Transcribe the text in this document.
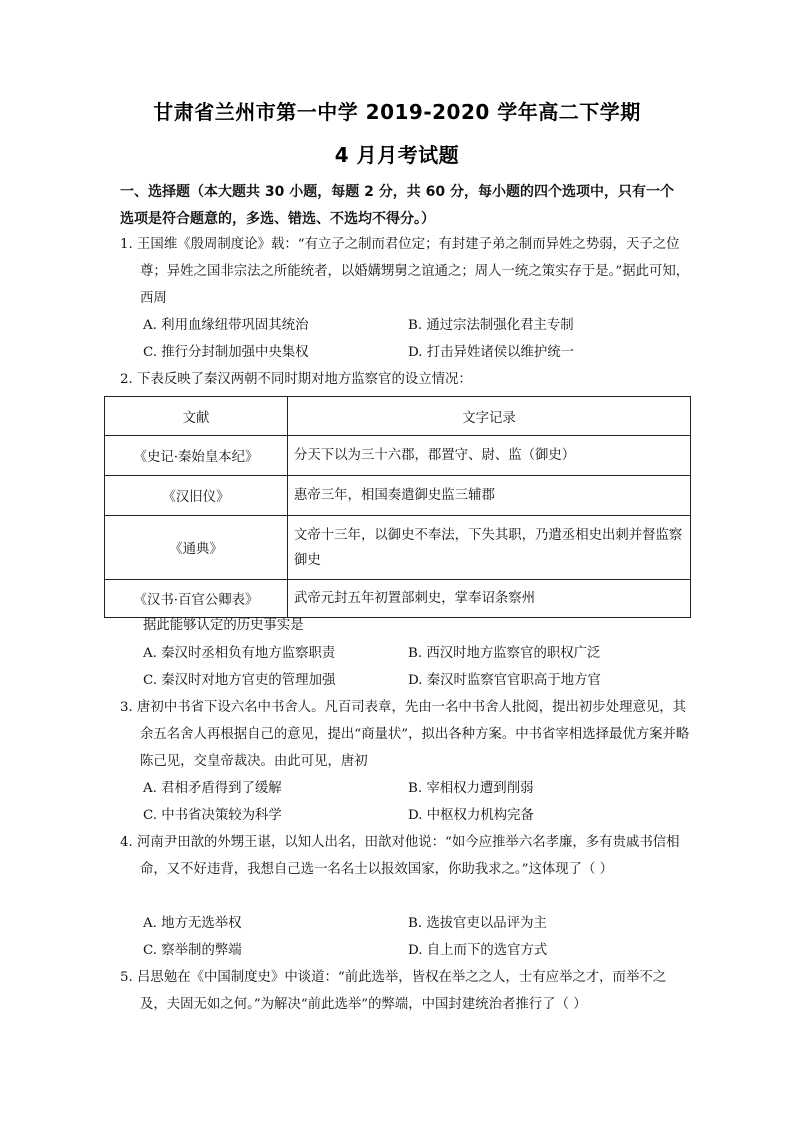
甘肃省兰州市第一中学 2019-2020 学年高二下学期
4 月月考试题
一、选择题（本大题共 30 小题，每题 2 分，共 60 分，每小题的四个选项中，只有一个选项是符合题意的，多选、错选、不选均不得分。）
1. 王国维《殷周制度论》载：“有立子之制而君位定；有封建子弟之制而异姓之势弱，天子之位尊；异姓之国非宗法之所能统者，以婚媾甥舅之谊通之；周人一统之策实存于是。”据此可知，西周
A. 利用血缘纽带巩固其统治	B. 通过宗法制强化君主专制
C. 推行分封制加强中央集权	D. 打击异姓诸侯以维护统一
2. 下表反映了秦汉两朝不同时期对地方监察官的设立情况：
文献	文字记录
《史记·秦始皇本纪》	分天下以为三十六郡，郡置守、尉、监（御史）
《汉旧仪》	惠帝三年，相国奏遣御史监三辅郡
《通典》	文帝十三年，以御史不奉法，下失其职，乃遣丞相史出刺并督监察御史
《汉书·百官公卿表》	武帝元封五年初置部刺史，掌奉诏条察州
据此能够认定的历史事实是
A. 秦汉时丞相负有地方监察职责	B. 西汉时地方监察官的职权广泛
C. 秦汉时对地方官吏的管理加强	D. 秦汉时监察官官职高于地方官
3. 唐初中书省下设六名中书舍人。凡百司表章，先由一名中书舍人批阅，提出初步处理意见，其余五名舍人再根据自己的意见，提出“商量状”，拟出各种方案。中书省宰相选择最优方案并略陈己见，交皇帝裁决。由此可见，唐初
A. 君相矛盾得到了缓解	B. 宰相权力遭到削弱
C. 中书省决策较为科学	D. 中枢权力机构完备
4. 河南尹田歆的外甥王谌，以知人出名，田歆对他说：“如今应推举六名孝廉，多有贵戚书信相命，又不好违背，我想自己选一名名士以报效国家，你助我求之。”这体现了（ ）
A. 地方无选举权	B. 选拔官吏以品评为主
C. 察举制的弊端	D. 自上而下的选官方式
5. 吕思勉在《中国制度史》中谈道：“前此选举，皆权在举之之人，士有应举之才，而举不之及，夫固无如之何。”为解决“前此选举”的弊端，中国封建统治者推行了（ ）
